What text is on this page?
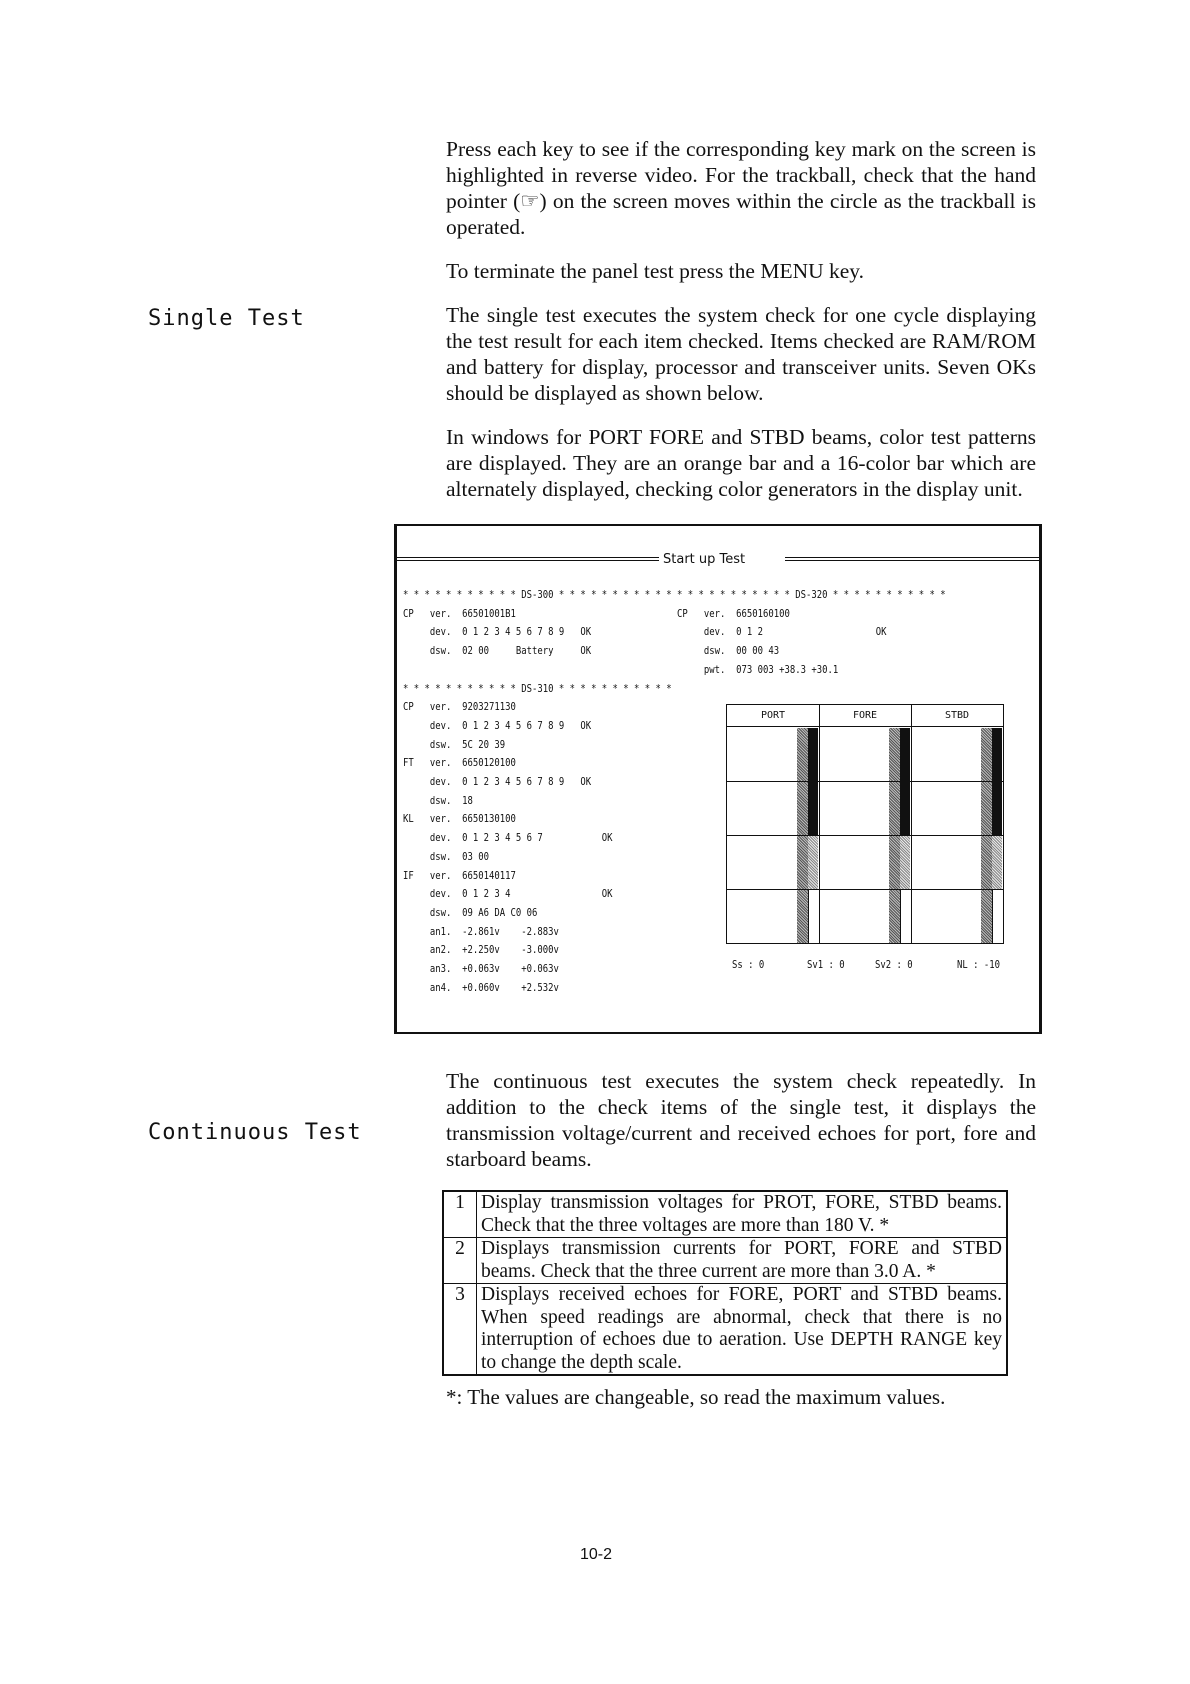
Single Test
Continuous Test

Press each key to see if the corresponding key mark on the screen is highlighted in reverse video. For the trackball, check that the hand pointer (☞) on the screen moves within the circle as the trackball is operated.

To terminate the panel test press the MENU key.

The single test executes the system check for one cycle displaying the test result for each item checked. Items checked are RAM/ROM and battery for display, processor and transceiver units. Seven OKs should be displayed as shown below.

In windows for PORT FORE and STBD beams, color test patterns are displayed. They are an orange bar and a 16-color bar which are alternately displayed, checking color generators in the display unit.

Start up Test
* * * * * * * * * * * DS-300 * * * * * * * * * * *
CP   ver.  66501001B1
dev.  0 1 2 3 4 5 6 7 8 9   OK
dsw.  02 00     Battery     OK
* * * * * * * * * * * DS-310 * * * * * * * * * * *
CP   ver.  9203271130
dev.  0 1 2 3 4 5 6 7 8 9   OK
dsw.  5C 20 39
FT   ver.  6650120100
dev.  0 1 2 3 4 5 6 7 8 9   OK
dsw.  18
KL   ver.  6650130100
dev.  0 1 2 3 4 5 6 7           OK
dsw.  03 00
IF   ver.  6650140117
dev.  0 1 2 3 4                 OK
dsw.  09 A6 DA C0 06
an1.  -2.861v    -2.883v
an2.  +2.250v    -3.000v
an3.  +0.063v    +0.063v
an4.  +0.060v    +2.532v
* * * * * * * * * * * DS-320 * * * * * * * * * * *
CP   ver.  6650160100
dev.  0 1 2                     OK
dsw.  00 00 43
pwt.  073 003 +38.3 +30.1
PORT	FORE	STBD
Ss : 0	Sv1 : 0	Sv2 : 0	NL : -10

The continuous test executes the system check repeatedly. In addition to the check items of the single test, it displays the transmission voltage/current and received echoes for port, fore and starboard beams.

1	Display transmission voltages for PROT, FORE, STBD beams. Check that the three voltages are more than 180 V. *
2	Displays transmission currents for PORT, FORE and STBD beams. Check that the three current are more than 3.0 A. *
3	Displays received echoes for FORE, PORT and STBD beams. When speed readings are abnormal, check that there is no interruption of echoes due to aeration. Use DEPTH RANGE key to change the depth scale.
*: The values are changeable, so read the maximum values.
10-2
